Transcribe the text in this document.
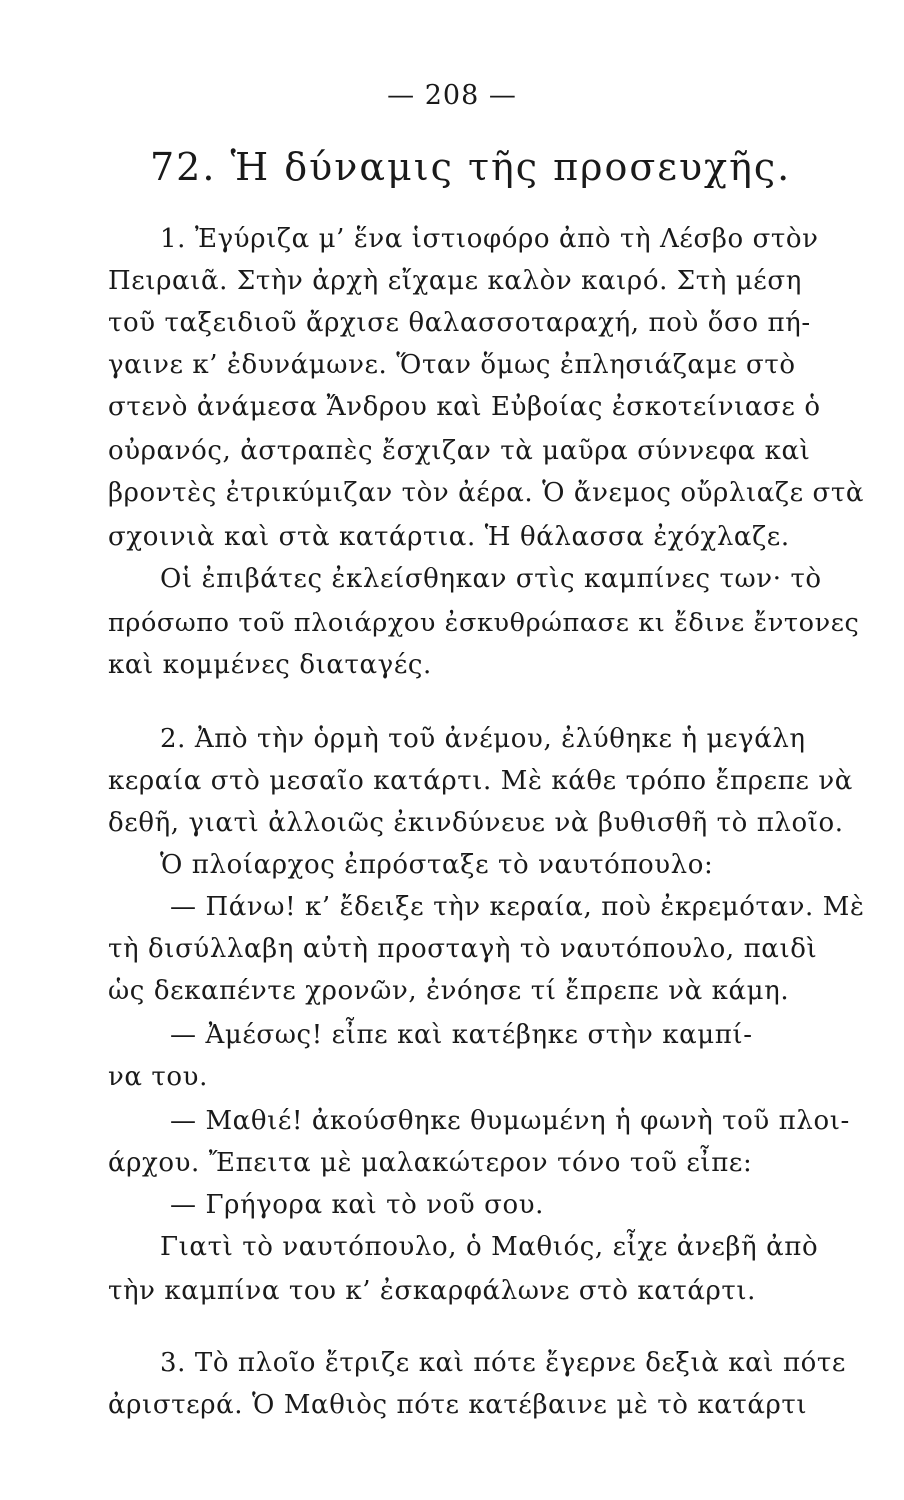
— 208 —
72. Ἡ δύναμις τῆς προσευχῆς.
1. Ἐγύριζα μ’ ἕνα ἱστιοφόρο ἀπὸ τὴ Λέσβο στὸν
Πειραιᾶ. Στὴν ἀρχὴ εἴχαμε καλὸν καιρό. Στὴ μέση
τοῦ ταξειδιοῦ ἄρχισε θαλασσοταραχή, ποὺ ὅσο πή-
γαινε κ’ ἐδυνάμωνε. Ὅταν ὅμως ἐπλησιάζαμε στὸ
στενὸ ἀνάμεσα Ἄνδρου καὶ Εὐβοίας ἐσκοτείνιασε ὁ
οὐρανός, ἀστραπὲς ἔσχιζαν τὰ μαῦρα σύννεφα καὶ
βροντὲς ἐτρικύμιζαν τὸν ἀέρα. Ὁ ἄνεμος οὔρλιαζε στὰ
σχοινιὰ καὶ στὰ κατάρτια. Ἡ θάλασσα ἐχόχλαζε.
Οἱ ἐπιβάτες ἐκλείσθηκαν στὶς καμπίνες των· τὸ
πρόσωπο τοῦ πλοιάρχου ἐσκυθρώπασε κι ἔδινε ἔντονες
καὶ κομμένες διαταγές.
2. Ἀπὸ τὴν ὁρμὴ τοῦ ἀνέμου, ἐλύθηκε ἡ μεγάλη
κεραία στὸ μεσαῖο κατάρτι. Μὲ κάθε τρόπο ἔπρεπε νὰ
δεθῆ, γιατὶ ἀλλοιῶς ἐκινδύνευε νὰ βυθισθῆ τὸ πλοῖο.
Ὁ πλοίαρχος ἐπρόσταξε τὸ ναυτόπουλο:
— Πάνω! κ’ ἔδειξε τὴν κεραία, ποὺ ἐκρεμόταν. Μὲ
τὴ δισύλλαβη αὐτὴ προσταγὴ τὸ ναυτόπουλο, παιδὶ
ὡς δεκαπέντε χρονῶν, ἐνόησε τί ἔπρεπε νὰ κάμη.
— Ἀμέσως! εἶπε καὶ κατέβηκε στὴν καμπί-
να του.
— Μαθιέ! ἀκούσθηκε θυμωμένη ἡ φωνὴ τοῦ πλοι-
άρχου. Ἔπειτα μὲ μαλακώτερον τόνο τοῦ εἶπε:
— Γρήγορα καὶ τὸ νοῦ σου.
Γιατὶ τὸ ναυτόπουλο, ὁ Μαθιός, εἶχε ἀνεβῆ ἀπὸ
τὴν καμπίνα του κ’ ἐσκαρφάλωνε στὸ κατάρτι.
3. Τὸ πλοῖο ἔτριζε καὶ πότε ἔγερνε δεξιὰ καὶ πότε
ἀριστερά. Ὁ Μαθιὸς πότε κατέβαινε μὲ τὸ κατάρτι
